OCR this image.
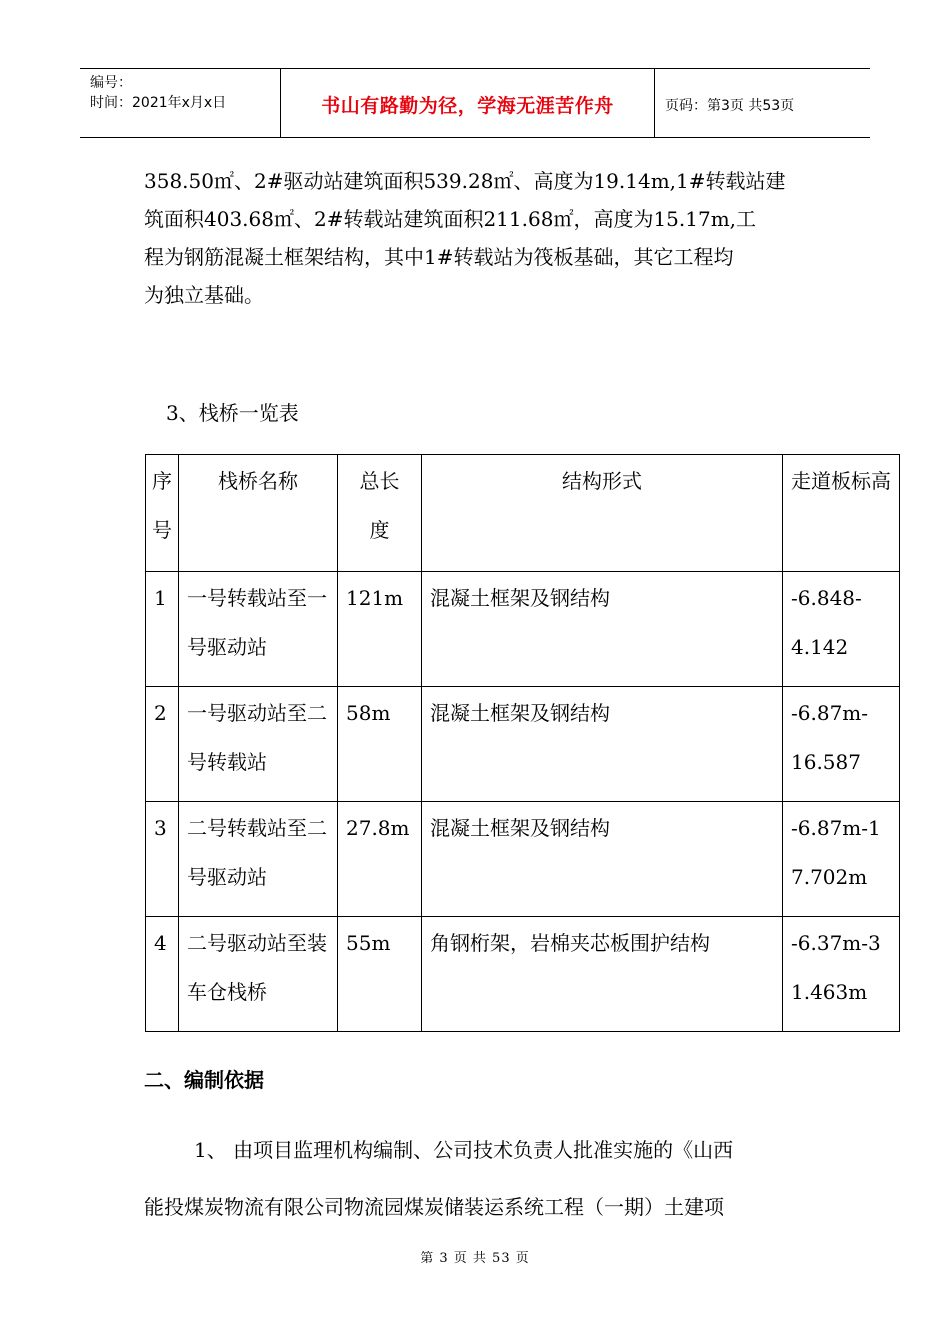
编号：
时间：2021年x月x日	书山有路勤为径，学海无涯苦作舟	页码：第3页 共53页

358.50㎡、2#驱动站建筑面积539.28㎡、高度为19.14m,1#转载站建

筑面积403.68㎡、2#转载站建筑面积211.68㎡，高度为15.17m,工

程为钢筋混凝土框架结构，其中1#转载站为筏板基础，其它工程均

为独立基础。

3、栈桥一览表
序号	栈桥名称	总长度	结构形式	走道板标高
1	一号转载站至一号驱动站	121m	混凝土框架及钢结构	-6.848-4.142
2	一号驱动站至二号转载站	58m	混凝土框架及钢结构	-6.87m-16.587
3	二号转载站至二号驱动站	27.8m	混凝土框架及钢结构	-6.87m-17.702m
4	二号驱动站至装车仓栈桥	55m	角钢桁架，岩棉夹芯板围护结构	-6.37m-31.463m
二、编制依据

1、 由项目监理机构编制、公司技术负责人批准实施的《山西

能投煤炭物流有限公司物流园煤炭储装运系统工程（一期）土建项

第 3 页 共 53 页
